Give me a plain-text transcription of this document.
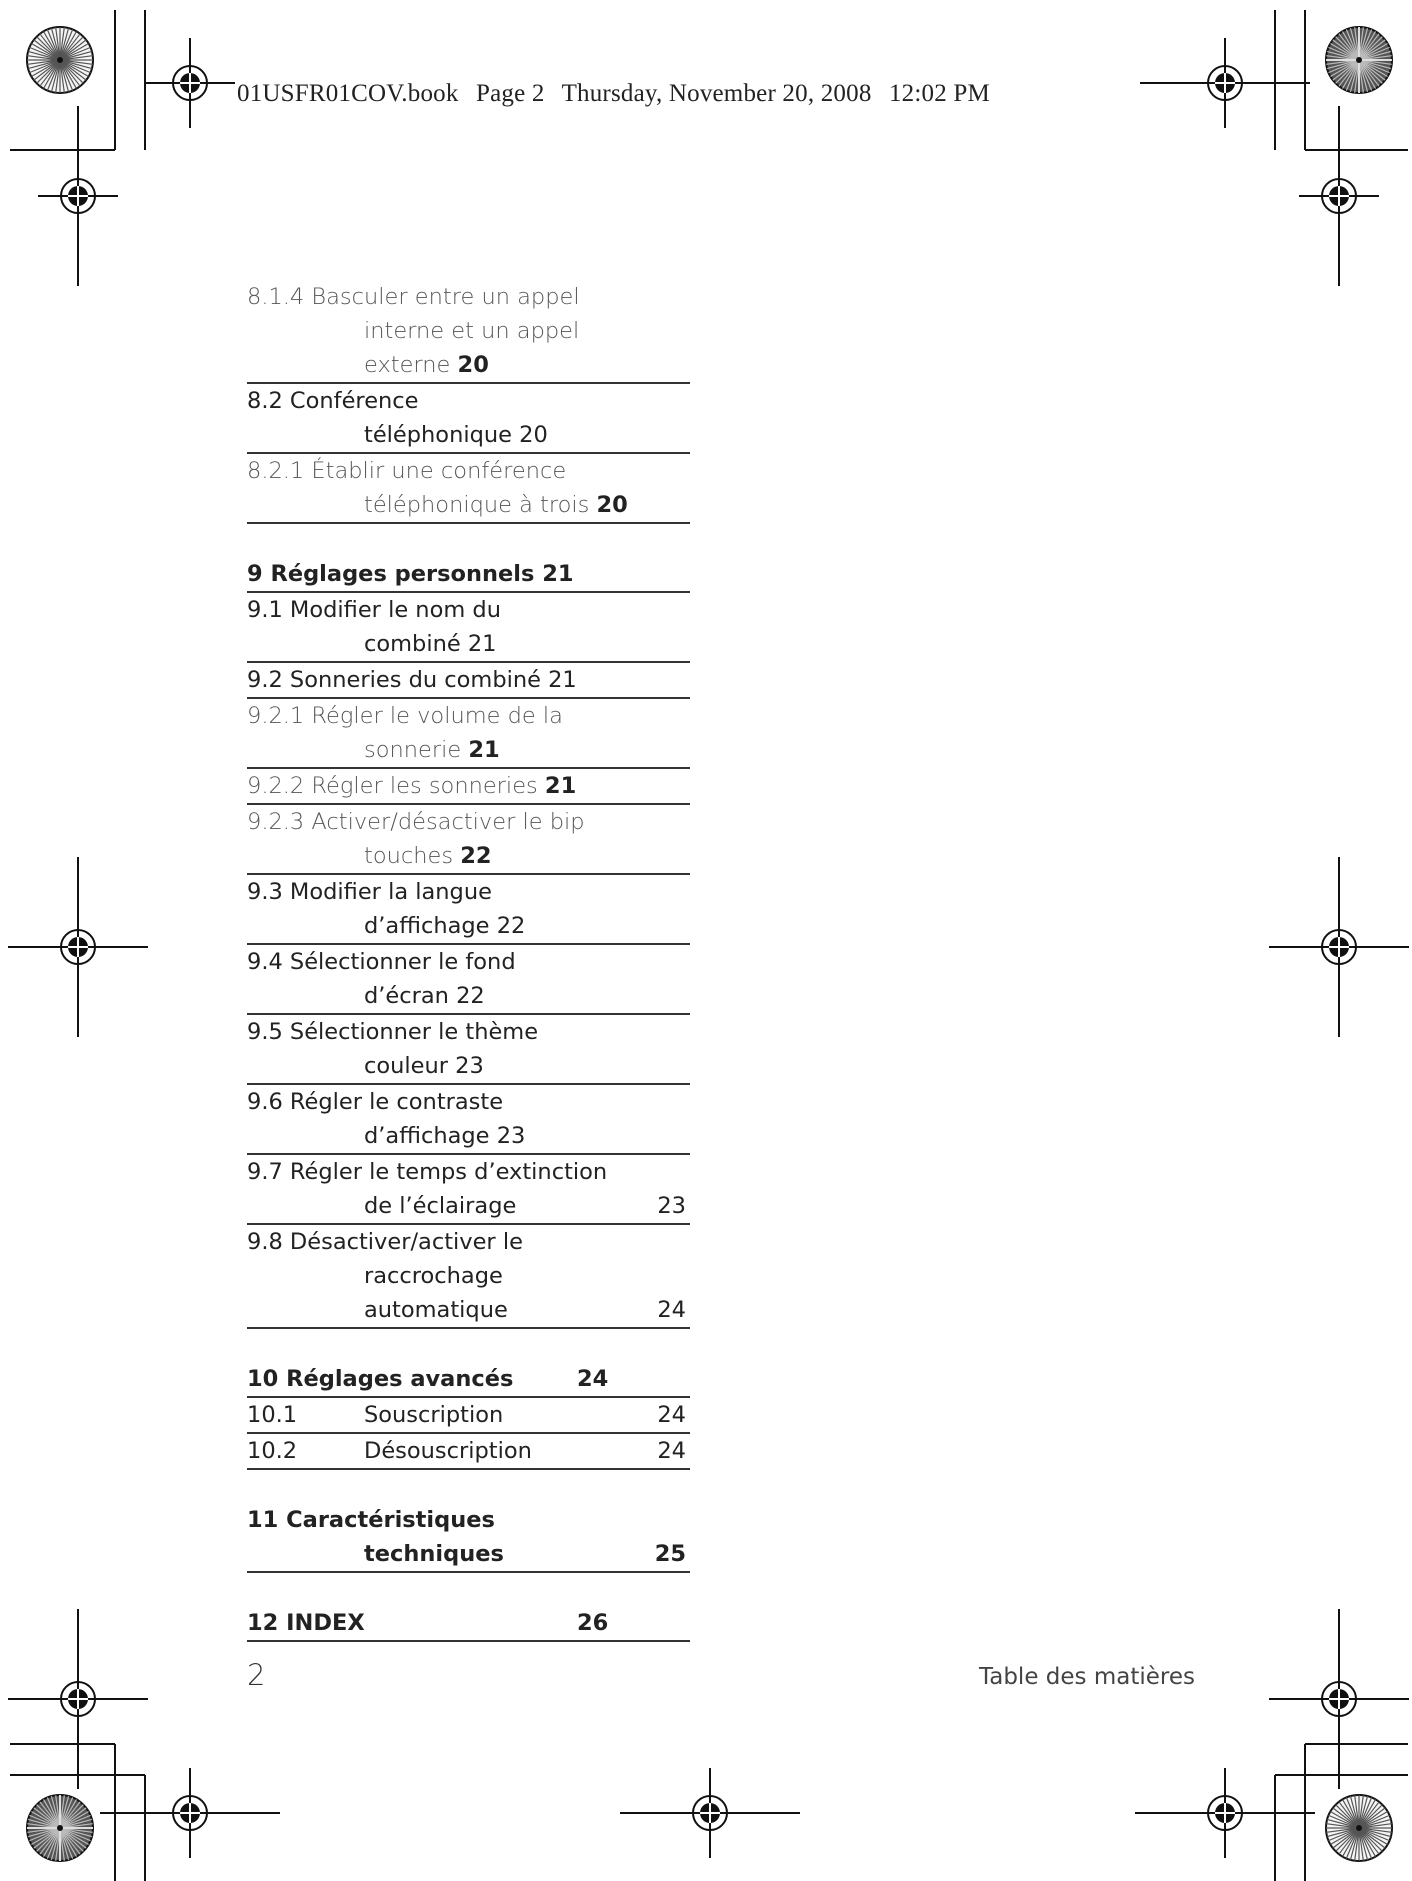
01USFR01COV.book Page 2 Thursday, November 20, 2008 12:02 PM
8.1.4 Basculer entre un appel
interne et un appel
externe 20
8.2 Conférence
téléphonique 20
8.2.1 Établir une conférence
téléphonique à trois 20
9 Réglages personnels 21
9.1 Modifier le nom du
combiné 21
9.2 Sonneries du combiné 21
9.2.1 Régler le volume de la
sonnerie 21
9.2.2 Régler les sonneries 21
9.2.3 Activer/désactiver le bip
touches 22
9.3 Modifier la langue
d’affichage 22
9.4 Sélectionner le fond
d’écran 22
9.5 Sélectionner le thème
couleur 23
9.6 Régler le contraste
d’affichage 23
9.7 Régler le temps d’extinction
de l’éclairage	23
9.8 Désactiver/activer le
raccrochage
automatique	24
10 Réglages avancés	24
10.1	Souscription	24
10.2	Désouscription	24
11 Caractéristiques
techniques	25
12 INDEX	26
2	Table des matières
